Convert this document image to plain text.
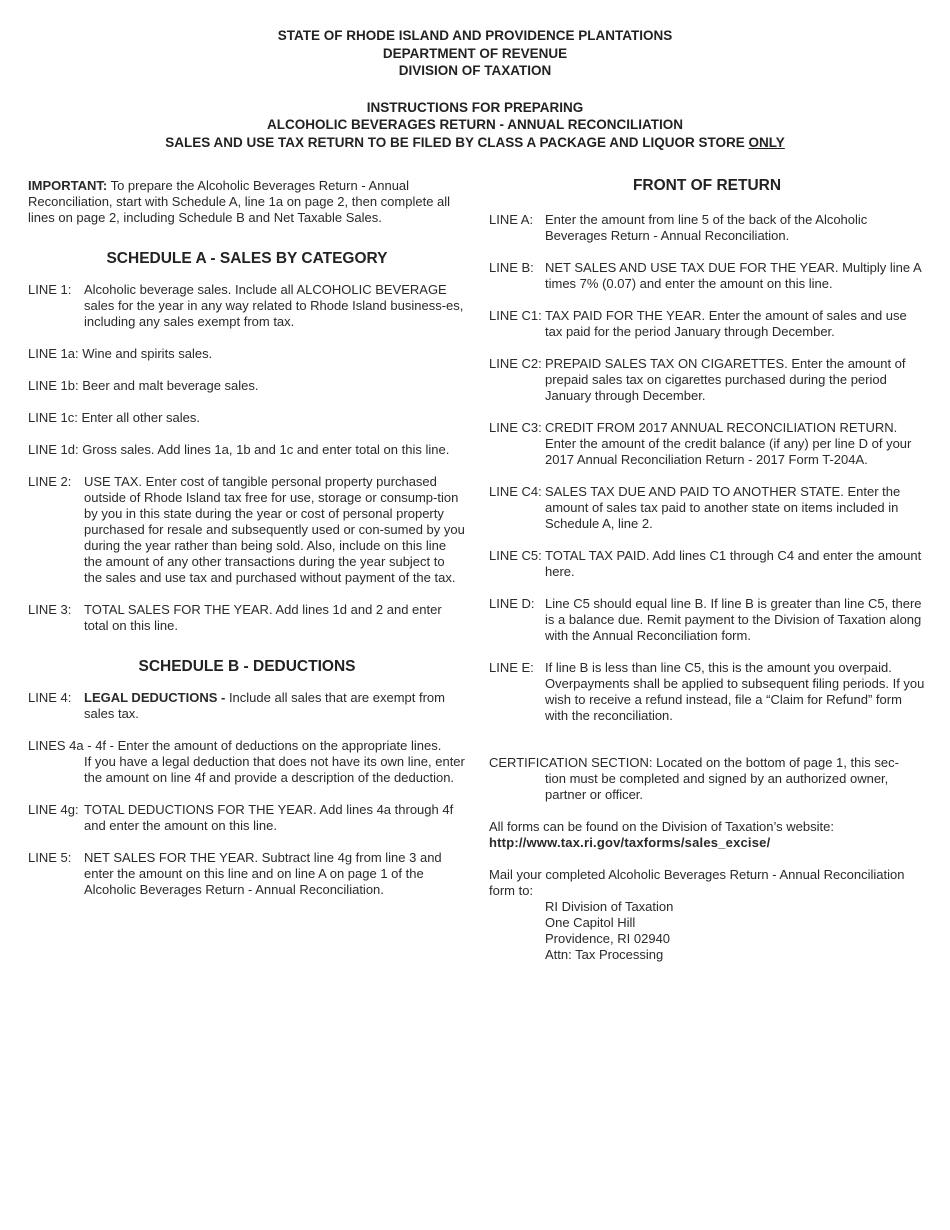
STATE OF RHODE ISLAND AND PROVIDENCE PLANTATIONS
DEPARTMENT OF REVENUE
DIVISION OF TAXATION
INSTRUCTIONS FOR PREPARING
ALCOHOLIC BEVERAGES RETURN - ANNUAL RECONCILIATION
SALES AND USE TAX RETURN TO BE FILED BY CLASS A PACKAGE AND LIQUOR STORE ONLY

IMPORTANT: To prepare the Alcoholic Beverages Return - Annual Reconciliation, start with Schedule A, line 1a on page 2, then complete all lines on page 2, including Schedule B and Net Taxable Sales.

SCHEDULE A - SALES BY CATEGORY
LINE 1: Alcoholic beverage sales. Include all ALCOHOLIC BEVERAGE sales for the year in any way related to Rhode Island business-es, including any sales exempt from tax.
LINE 1a: Wine and spirits sales.
LINE 1b: Beer and malt beverage sales.
LINE 1c: Enter all other sales.
LINE 1d: Gross sales. Add lines 1a, 1b and 1c and enter total on this line.
LINE 2: USE TAX. Enter cost of tangible personal property purchased outside of Rhode Island tax free for use, storage or consump-tion by you in this state during the year or cost of personal property purchased for resale and subsequently used or con-sumed by you during the year rather than being sold. Also, include on this line the amount of any other transactions during the year subject to the sales and use tax and purchased without payment of the tax.
LINE 3: TOTAL SALES FOR THE YEAR. Add lines 1d and 2 and enter total on this line.
SCHEDULE B - DEDUCTIONS
LINE 4: LEGAL DEDUCTIONS - Include all sales that are exempt from sales tax.
LINES 4a - 4f - Enter the amount of deductions on the appropriate lines.
If you have a legal deduction that does not have its own line, enter the amount on line 4f and provide a description of the deduction.
LINE 4g: TOTAL DEDUCTIONS FOR THE YEAR. Add lines 4a through 4f and enter the amount on this line.
LINE 5: NET SALES FOR THE YEAR. Subtract line 4g from line 3 and enter the amount on this line and on line A on page 1 of the Alcoholic Beverages Return - Annual Reconciliation.
FRONT OF RETURN
LINE A: Enter the amount from line 5 of the back of the Alcoholic Beverages Return - Annual Reconciliation.
LINE B: NET SALES AND USE TAX DUE FOR THE YEAR. Multiply line A times 7% (0.07) and enter the amount on this line.
LINE C1: TAX PAID FOR THE YEAR. Enter the amount of sales and use tax paid for the period January through December.
LINE C2: PREPAID SALES TAX ON CIGARETTES. Enter the amount of prepaid sales tax on cigarettes purchased during the period January through December.
LINE C3: CREDIT FROM 2017 ANNUAL RECONCILIATION RETURN. Enter the amount of the credit balance (if any) per line D of your 2017 Annual Reconciliation Return - 2017 Form T-204A.
LINE C4: SALES TAX DUE AND PAID TO ANOTHER STATE. Enter the amount of sales tax paid to another state on items included in Schedule A, line 2.
LINE C5: TOTAL TAX PAID. Add lines C1 through C4 and enter the amount here.
LINE D: Line C5 should equal line B. If line B is greater than line C5, there is a balance due. Remit payment to the Division of Taxation along with the Annual Reconciliation form.
LINE E: If line B is less than line C5, this is the amount you overpaid. Overpayments shall be applied to subsequent filing periods. If you wish to receive a refund instead, file a “Claim for Refund” form with the reconciliation.
CERTIFICATION SECTION: Located on the bottom of page 1, this sec-
tion must be completed and signed by an authorized owner, partner or officer.
All forms can be found on the Division of Taxation’s website:
http://www.tax.ri.gov/taxforms/sales_excise/
Mail your completed Alcoholic Beverages Return - Annual Reconciliation form to:
RI Division of Taxation
One Capitol Hill
Providence, RI 02940
Attn: Tax Processing
